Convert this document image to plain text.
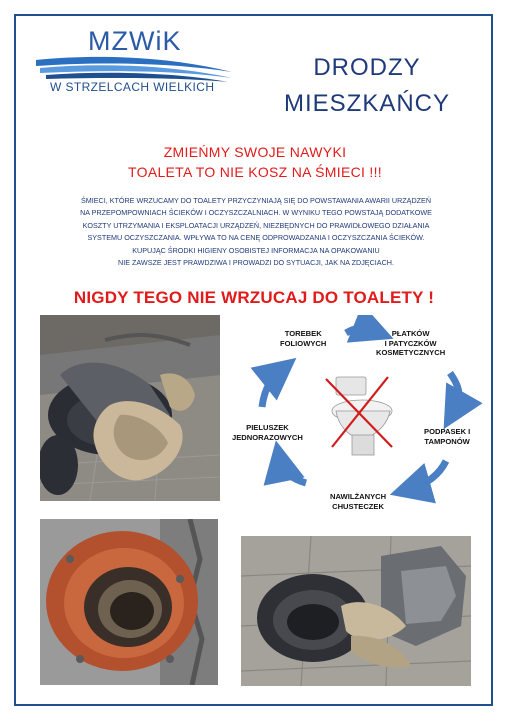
MZWiK
W STRZELCACH WIELKICH
DRODZY
MIESZKAŃCY
ZMIEŃMY SWOJE NAWYKI
TOALETA TO NIE KOSZ NA ŚMIECI !!!
ŚMIECI, KTÓRE WRZUCAMY DO TOALETY PRZYCZYNIAJĄ SIĘ DO POWSTAWANIA AWARII URZĄDZEŃ
NA PRZEPOMPOWNIACH ŚCIEKÓW I OCZYSZCZALNIACH. W WYNIKU TEGO POWSTAJĄ DODATKOWE
KOSZTY UTRZYMANIA I EKSPLOATACJI URZĄDZEŃ, NIEZBĘDNYCH DO PRAWIDŁOWEGO DZIAŁANIA
SYSTEMU OCZYSZCZANIA. WPŁYWA TO NA CENĘ ODPROWADZANIA I OCZYSZCZANIA ŚCIEKÓW.
KUPUJĄC ŚRODKI HIGIENY OSOBISTEJ INFORMACJA NA OPAKOWANIU
NIE ZAWSZE JEST PRAWDZIWA I PROWADZI DO SYTUACJI, JAK NA ZDJĘCIACH.
NIGDY TEGO NIE WRZUCAJ DO TOALETY !
TOREBEK
FOLIOWYCH
PŁATKÓW
I PATYCZKÓW
KOSMETYCZNYCH
PODPASEK I
TAMPONÓW
NAWILŻANYCH
CHUSTECZEK
PIELUSZEK
JEDNORAZOWYCH
